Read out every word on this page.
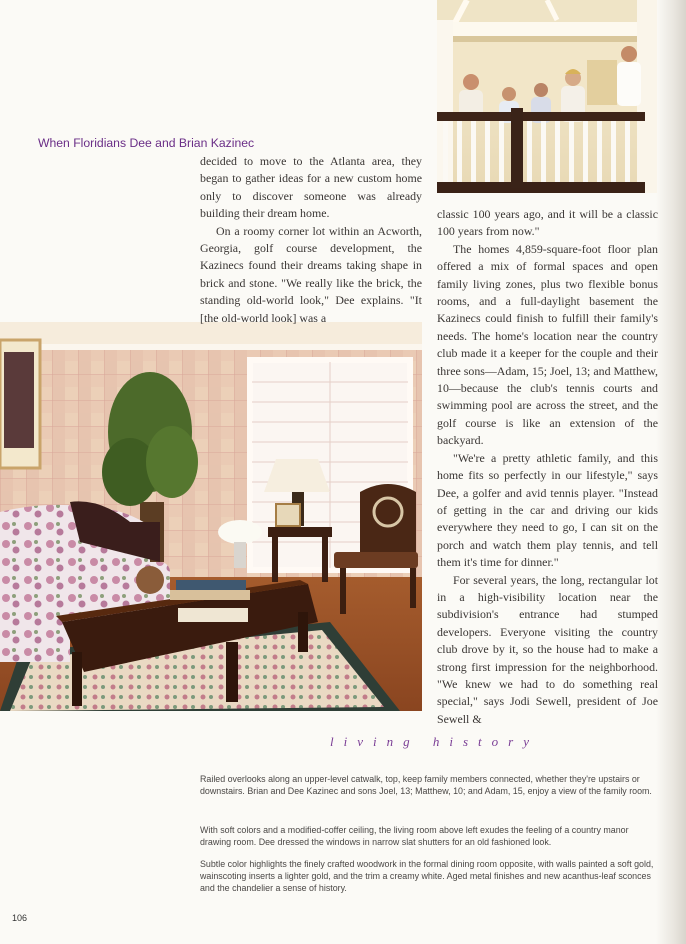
When Floridians Dee and Brian Kazinec

decided to move to the Atlanta area, they began to gather ideas for a new custom home only to discover someone was already building their dream home.

On a roomy corner lot within an Acworth, Georgia, golf course development, the Kazinecs found their dreams taking shape in brick and stone. "We really like the brick, the standing old-world look," Dee explains. "It [the old-world look] was a

classic 100 years ago, and it will be a classic 100 years from now."

The homes 4,859-square-foot floor plan offered a mix of formal spaces and open family living zones, plus two flexible bonus rooms, and a full-daylight basement the Kazinecs could finish to fulfill their family's needs. The home's location near the country club made it a keeper for the couple and their three sons—Adam, 15; Joel, 13; and Matthew, 10—because the club's tennis courts and swimming pool are across the street, and the golf course is like an extension of the backyard.

"We're a pretty athletic family, and this home fits so perfectly in our lifestyle," says Dee, a golfer and avid tennis player. "Instead of getting in the car and driving our kids everywhere they need to go, I can sit on the porch and watch them play tennis, and tell them it's time for dinner."

For several years, the long, rectangular lot in a high-visibility location near the subdivision's entrance had stumped developers. Everyone visiting the country club drove by it, so the house had to make a strong first impression for the neighborhood. "We knew we had to do something real special," says Jodi Sewell, president of Joe Sewell &

living history
Railed overlooks along an upper-level catwalk, top, keep family members connected, whether they're upstairs or downstairs. Brian and Dee Kazinec and sons Joel, 13; Matthew, 10; and Adam, 15, enjoy a view of the family room.
With soft colors and a modified-coffer ceiling, the living room above left exudes the feeling of a country manor drawing room. Dee dressed the windows in narrow slat shutters for an old fashioned look.
Subtle color highlights the finely crafted woodwork in the formal dining room opposite, with walls painted a soft gold, wainscoting inserts a lighter gold, and the trim a creamy white. Aged metal finishes and new acanthus-leaf sconces and the chandelier a sense of history.
106
